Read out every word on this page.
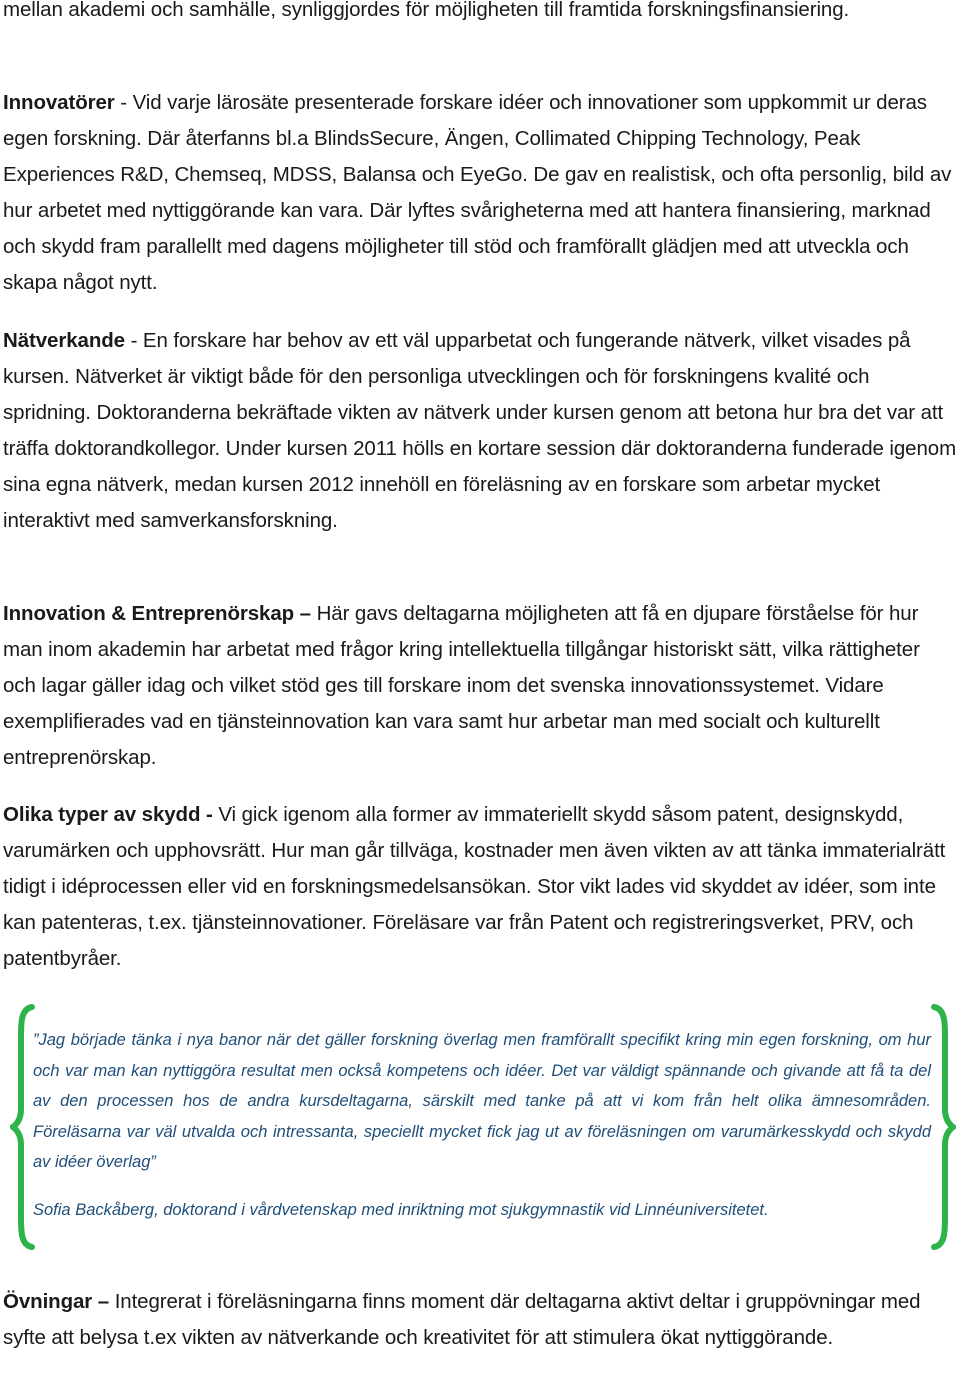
mellan akademi och samhälle, synliggjordes för möjligheten till framtida forskningsfinansiering.

Innovatörer - Vid varje lärosäte presenterade forskare idéer och innovationer som uppkommit ur deras egen forskning. Där återfanns bl.a BlindsSecure, Ängen, Collimated Chipping Technology, Peak Experiences R&D, Chemseq, MDSS, Balansa och EyeGo. De gav en realistisk, och ofta personlig, bild av hur arbetet med nyttiggörande kan vara. Där lyftes svårigheterna med att hantera finansiering, marknad och skydd fram parallellt med dagens möjligheter till stöd och framförallt glädjen med att utveckla och skapa något nytt.

Nätverkande - En forskare har behov av ett väl upparbetat och fungerande nätverk, vilket visades på kursen. Nätverket är viktigt både för den personliga utvecklingen och för forskningens kvalité och spridning. Doktoranderna bekräftade vikten av nätverk under kursen genom att betona hur bra det var att träffa doktorandkollegor. Under kursen 2011 hölls en kortare session där doktoranderna funderade igenom sina egna nätverk, medan kursen 2012 innehöll en föreläsning av en forskare som arbetar mycket interaktivt med samverkansforskning.

Innovation & Entreprenörskap – Här gavs deltagarna möjligheten att få en djupare förståelse för hur man inom akademin har arbetat med frågor kring intellektuella tillgångar historiskt sätt, vilka rättigheter och lagar gäller idag och vilket stöd ges till forskare inom det svenska innovationssystemet. Vidare exemplifierades vad en tjänsteinnovation kan vara samt hur arbetar man med socialt och kulturellt entreprenörskap.

Olika typer av skydd - Vi gick igenom alla former av immateriellt skydd såsom patent, designskydd, varumärken och upphovsrätt. Hur man går tillväga, kostnader men även vikten av att tänka immaterialrätt tidigt i idéprocessen eller vid en forskningsmedelsansökan. Stor vikt lades vid skyddet av idéer, som inte kan patenteras, t.ex. tjänsteinnovationer. Föreläsare var från Patent och registreringsverket, PRV, och patentbyråer.

”Jag började tänka i nya banor när det gäller forskning överlag men framförallt specifikt kring min egen forskning, om hur och var man kan nyttiggöra resultat men också kompetens och idéer. Det var väldigt spännande och givande att få ta del av den processen hos de andra kursdeltagarna, särskilt med tanke på att vi kom från helt olika ämnesområden. Föreläsarna var väl utvalda och intressanta, speciellt mycket fick jag ut av föreläsningen om varumärkesskydd och skydd av idéer överlag”

Sofia Backåberg, doktorand i vårdvetenskap med inriktning mot sjukgymnastik vid Linnéuniversitetet.

Övningar – Integrerat i föreläsningarna finns moment där deltagarna aktivt deltar i gruppövningar med syfte att belysa t.ex vikten av nätverkande och kreativitet för att stimulera ökat nyttiggörande.
